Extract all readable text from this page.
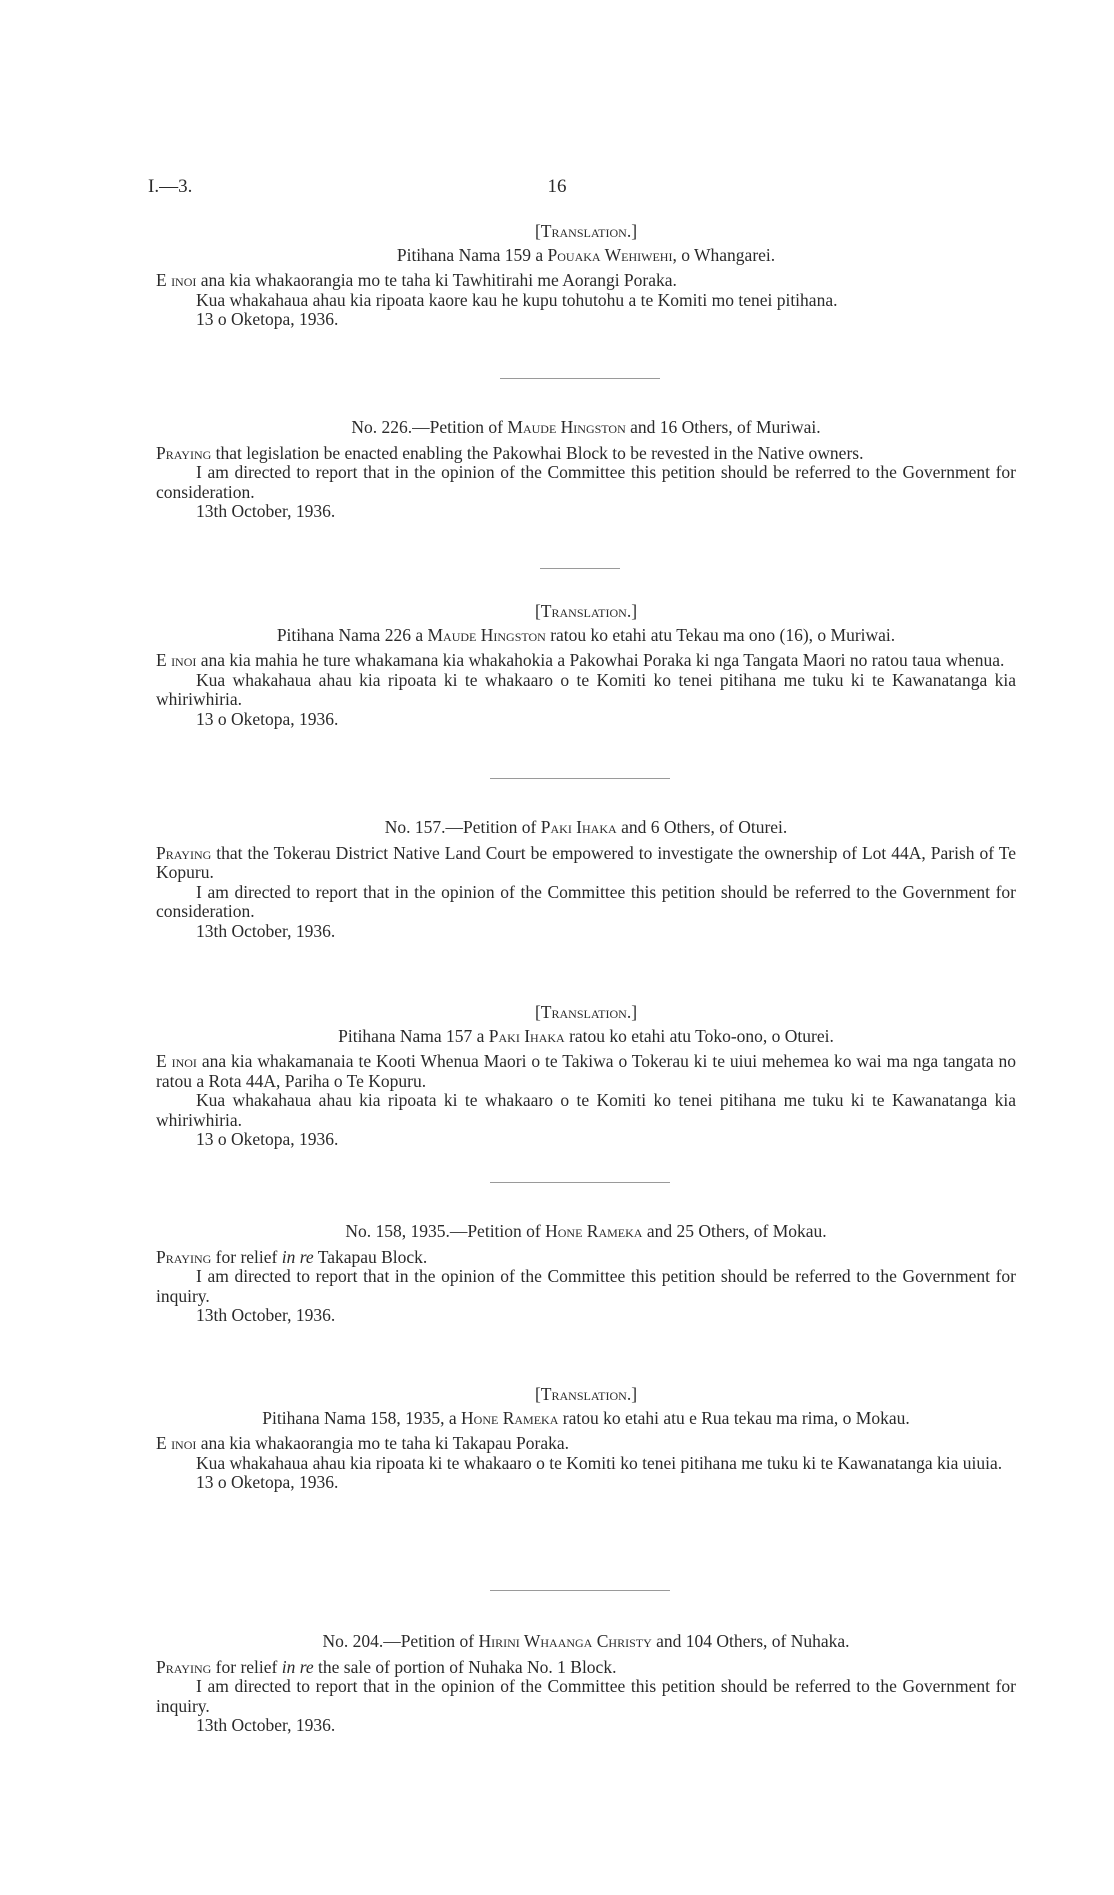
I.—3.	16

[Translation.]

Pitihana Nama 159 a Pouaka Wehiwehi, o Whangarei.

E inoi ana kia whakaorangia mo te taha ki Tawhitirahi me Aorangi Poraka.

Kua whakahaua ahau kia ripoata kaore kau he kupu tohutohu a te Komiti mo tenei pitihana.

13 o Oketopa, 1936.

No. 226.—Petition of Maude Hingston and 16 Others, of Muriwai.

Praying that legislation be enacted enabling the Pakowhai Block to be revested in the Native owners.

I am directed to report that in the opinion of the Committee this petition should be referred to the Government for consideration.

13th October, 1936.

[Translation.]

Pitihana Nama 226 a Maude Hingston ratou ko etahi atu Tekau ma ono (16), o Muriwai.

E inoi ana kia mahia he ture whakamana kia whakahokia a Pakowhai Poraka ki nga Tangata Maori no ratou taua whenua.

Kua whakahaua ahau kia ripoata ki te whakaaro o te Komiti ko tenei pitihana me tuku ki te Kawanatanga kia whiriwhiria.

13 o Oketopa, 1936.

No. 157.—Petition of Paki Ihaka and 6 Others, of Oturei.

Praying that the Tokerau District Native Land Court be empowered to investigate the ownership of Lot 44A, Parish of Te Kopuru.

I am directed to report that in the opinion of the Committee this petition should be referred to the Government for consideration.

13th October, 1936.

[Translation.]

Pitihana Nama 157 a Paki Ihaka ratou ko etahi atu Toko-ono, o Oturei.

E inoi ana kia whakamanaia te Kooti Whenua Maori o te Takiwa o Tokerau ki te uiui mehemea ko wai ma nga tangata no ratou a Rota 44A, Pariha o Te Kopuru.

Kua whakahaua ahau kia ripoata ki te whakaaro o te Komiti ko tenei pitihana me tuku ki te Kawanatanga kia whiriwhiria.

13 o Oketopa, 1936.

No. 158, 1935.—Petition of Hone Rameka and 25 Others, of Mokau.

Praying for relief in re Takapau Block.

I am directed to report that in the opinion of the Committee this petition should be referred to the Government for inquiry.

13th October, 1936.

[Translation.]

Pitihana Nama 158, 1935, a Hone Rameka ratou ko etahi atu e Rua tekau ma rima, o Mokau.

E inoi ana kia whakaorangia mo te taha ki Takapau Poraka.

Kua whakahaua ahau kia ripoata ki te whakaaro o te Komiti ko tenei pitihana me tuku ki te Kawanatanga kia uiuia.

13 o Oketopa, 1936.

No. 204.—Petition of Hirini Whaanga Christy and 104 Others, of Nuhaka.

Praying for relief in re the sale of portion of Nuhaka No. 1 Block.

I am directed to report that in the opinion of the Committee this petition should be referred to the Government for inquiry.

13th October, 1936.
